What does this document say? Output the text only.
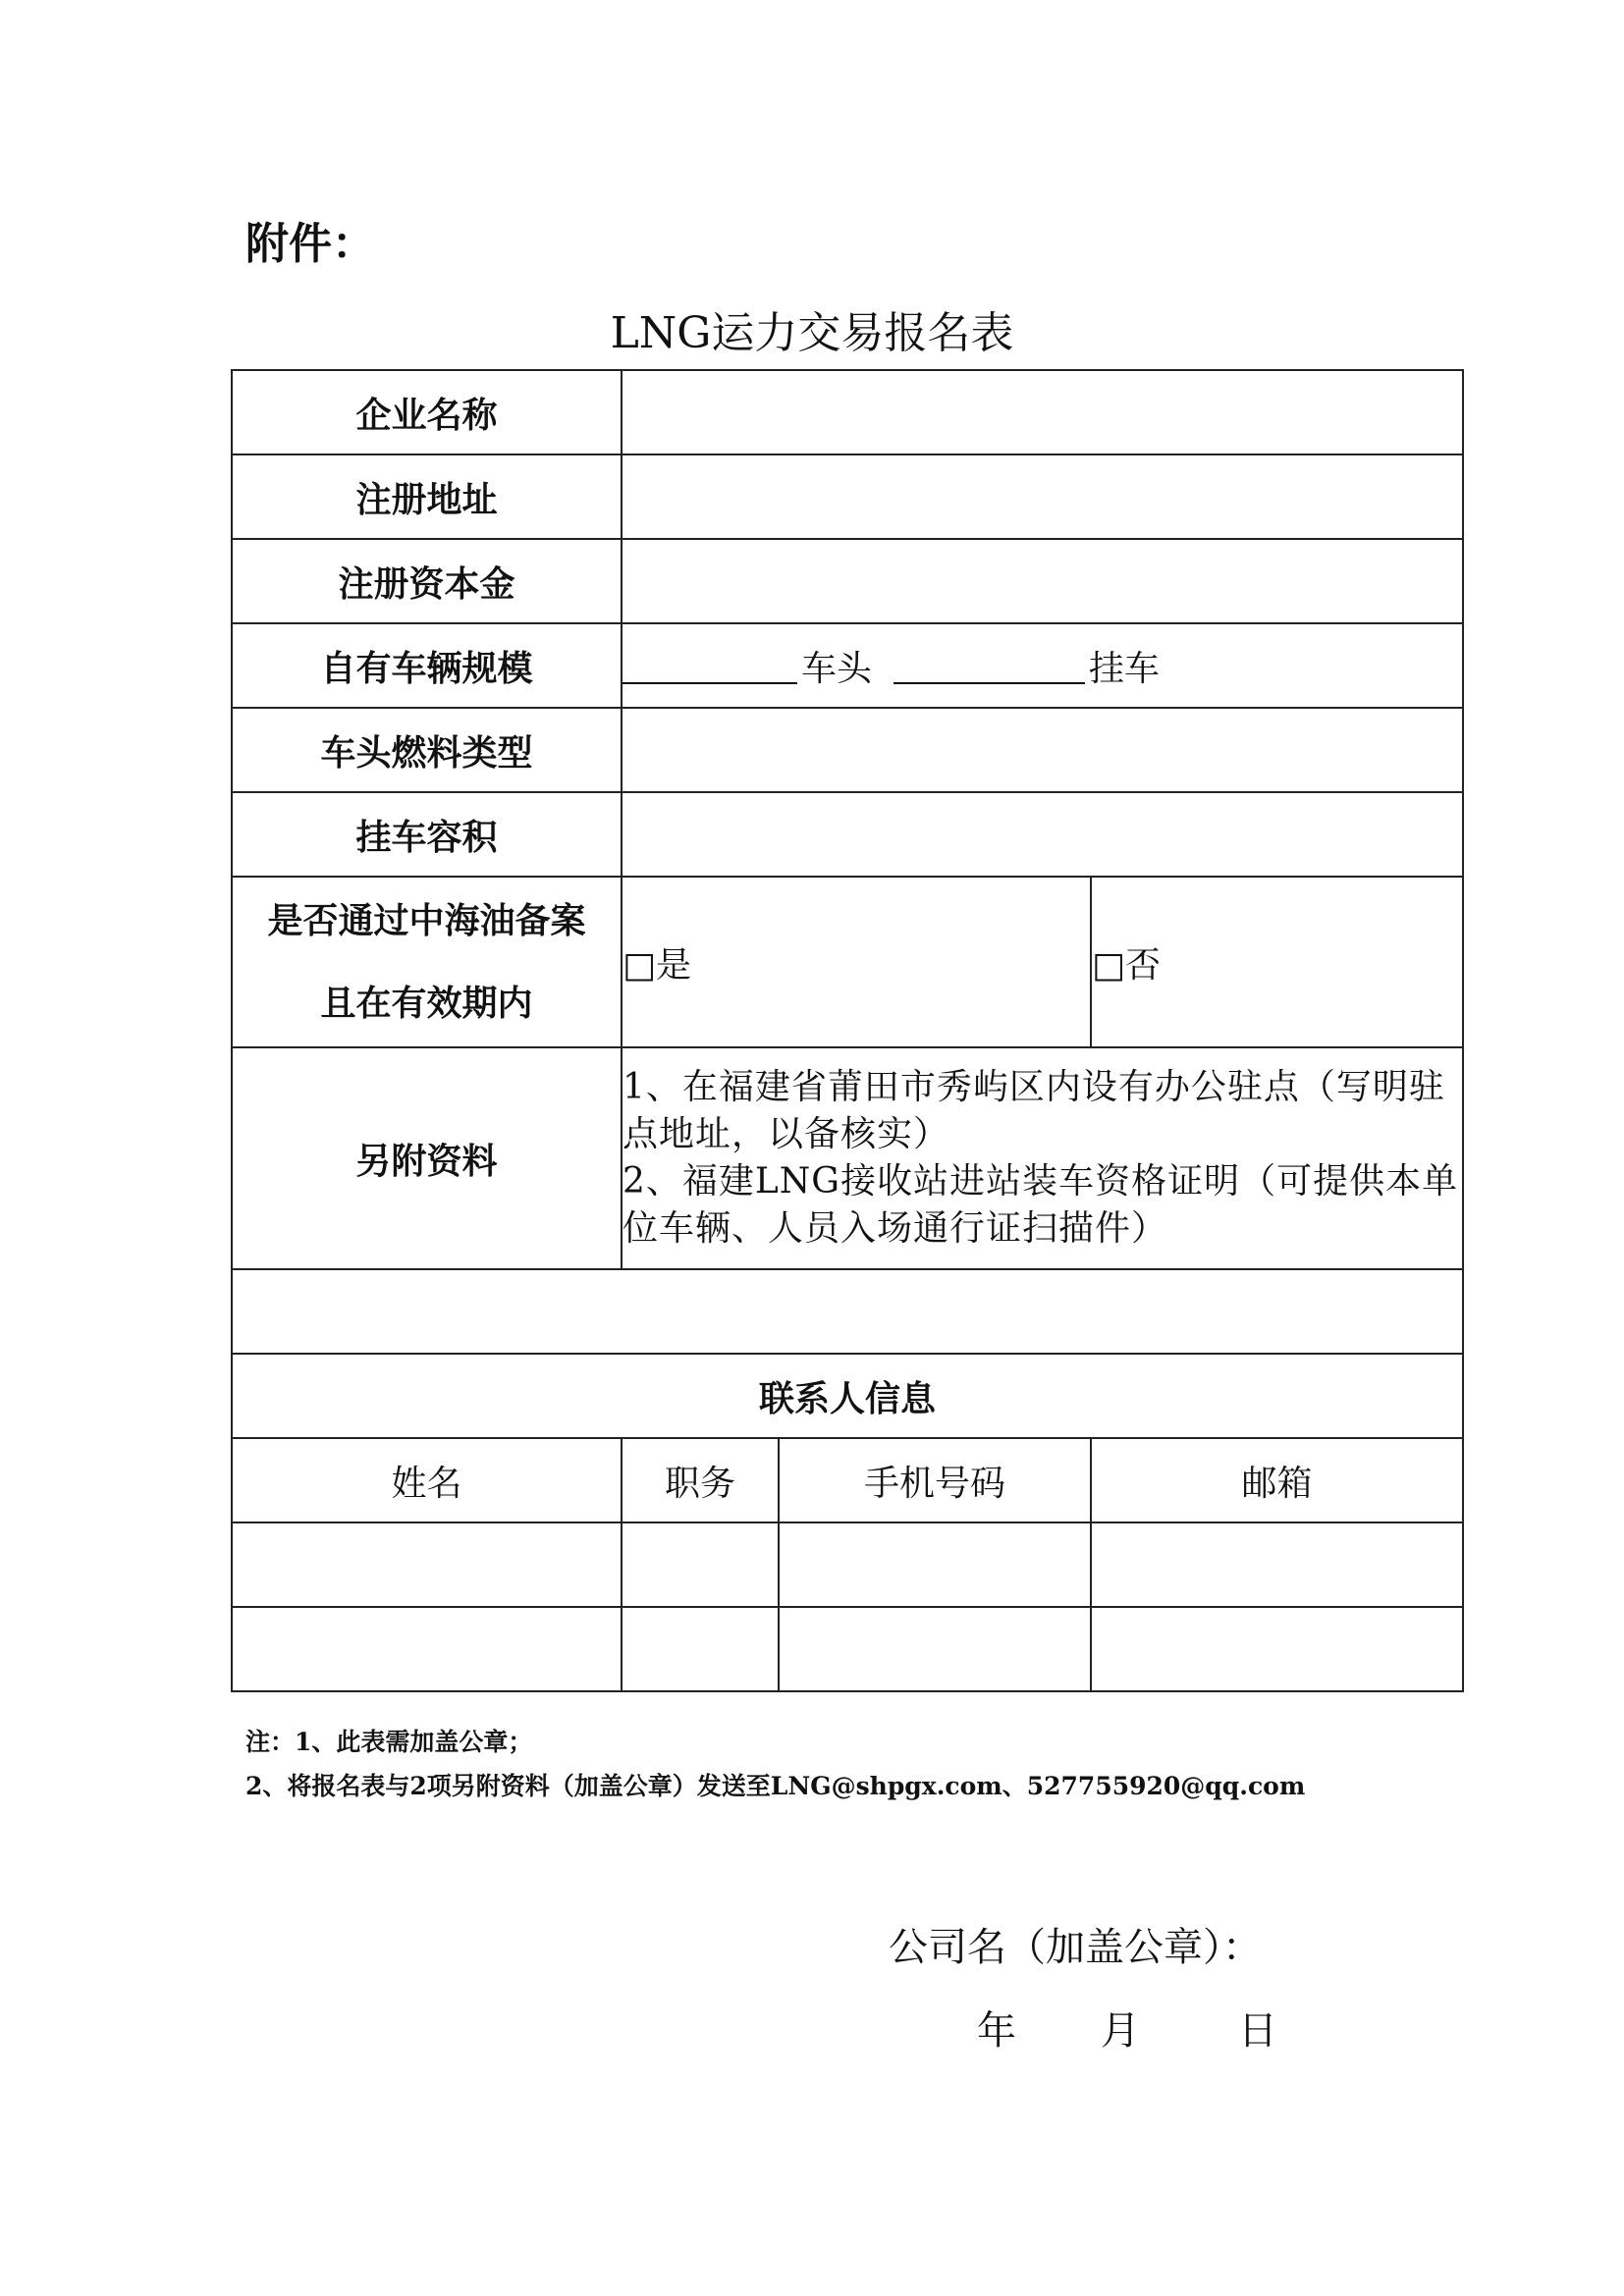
附件：
LNG运力交易报名表
企业名称			
注册地址			
注册资本金			
自有车辆规模	车头 挂车		
车头燃料类型			
挂车容积			

是否通过中海油备案
且在有效期内	□是		□否
另附资料	1、在福建省莆田市秀屿区内设有办公驻点（写明驻点地址，以备核实）
2、福建LNG接收站进站装车资格证明（可提供本单位车辆、人员入场通行证扫描件）		

联系人信息			
姓名	职务	手机号码	邮箱

注：1、此表需加盖公章；
2、将报名表与2项另附资料（加盖公章）发送至LNG@shpgx.com、527755920@qq.com
公司名（加盖公章）：
年 月	日
